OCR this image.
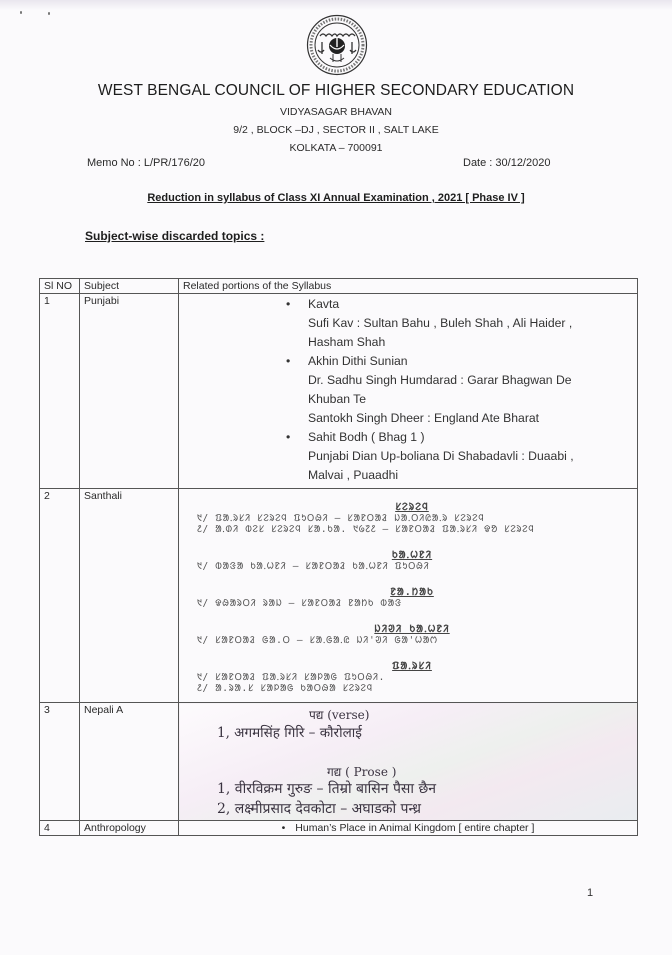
WEST BENGAL COUNCIL OF HIGHER SECONDARY EDUCATION
VIDYASAGAR BHAVAN
9/2 , BLOCK –DJ , SECTOR II , SALT LAKE
KOLKATA – 700091
Memo No : L/PR/176/20	Date : 30/12/2020
Reduction in syllabus of Class XI Annual Examination , 2021 [ Phase IV ]
Subject-wise discarded topics :
Sl NO	Subject	Related portions of the Syllabus
1	Punjabi	
•Kavta
Sufi Kav : Sultan Bahu , Buleh Shah , Ali Haider ,
Hasham Shah
• Akhin Dithi Sunian
Dr. Sadhu Singh Humdarad : Garar Bhagwan De
Khuban Te
Santokh Singh Dheer : England Ate Bharat
• Sahit Bodh ( Bhag 1 )
Punjabi Dian Up-boliana Di Shabadavli : Duaabi ,
Malvai , Puaadhi

2	Santhali	
ᱥᱮᱨᱮᱧ
᱑/ ᱯᱟᱹᱨᱥᱤ ᱥᱮᱨᱮᱧ ᱯᱩᱛᱷᱤ – ᱥᱟᱱᱛᱟᱲ ᱡᱟᱹᱛᱤᱭᱟᱹᱨ ᱥᱮᱨᱮᱧ
᱒/ ᱟᱹᱰᱤ ᱵᱮᱥ ᱥᱮᱨᱮᱧ ᱥᱟ.ᱠᱟ. ᱑᱙᱗᱒ – ᱥᱟᱱᱛᱟᱲ ᱯᱟᱹᱨᱥᱤ ᱫᱚ ᱥᱮᱨᱮᱧ
ᱠᱟᱹᱦᱱᱤ
᱑/ ᱵᱟᱝᱟ ᱠᱟᱹᱦᱱᱤ – ᱥᱟᱱᱛᱟᱲ ᱠᱟᱹᱦᱱᱤ ᱯᱩᱛᱷᱤ
ᱱᱟ.ᱴᱟᱠ
᱑/ ᱫᱷᱟᱨᱛᱤ ᱨᱟᱡ – ᱥᱟᱱᱛᱟᱲ ᱱᱟᱴᱠ ᱵᱟᱝ
ᱡᱤᱣᱤ ᱠᱟᱹᱦᱱᱤ
᱑/ ᱥᱟᱱᱛᱟᱲ ᱜᱟ.ᱛ – ᱥᱟᱹᱜᱟᱹᱭ ᱡᱤ'ᱣᱤ ᱜᱟ'ᱦᱟᱬ
ᱯᱟᱹᱨᱥᱤ
᱑/ ᱥᱟᱱᱛᱟᱲ ᱯᱟᱹᱨᱥᱤ ᱥᱟᱞᱟᱜ ᱯᱩᱛᱷᱤ.
᱒/ ᱟ.ᱨᱟ.ᱥ ᱥᱟᱞᱟᱜ ᱠᱟᱛᱷᱟ ᱥᱮᱨᱮᱧ

3	Nepali A	पद्य (verse)
1, अगमसिंह गिरि – कौरोलाई
गद्य ( Prose )
1, वीरविक्रम गुरुङ – तिम्रो बासिन पैसा छैन
2, लक्ष्मीप्रसाद देवकोटा – अघाडको पन्ध्र

4	Anthropology	• Human’s Place in Animal Kingdom [ entire chapter ]
1
